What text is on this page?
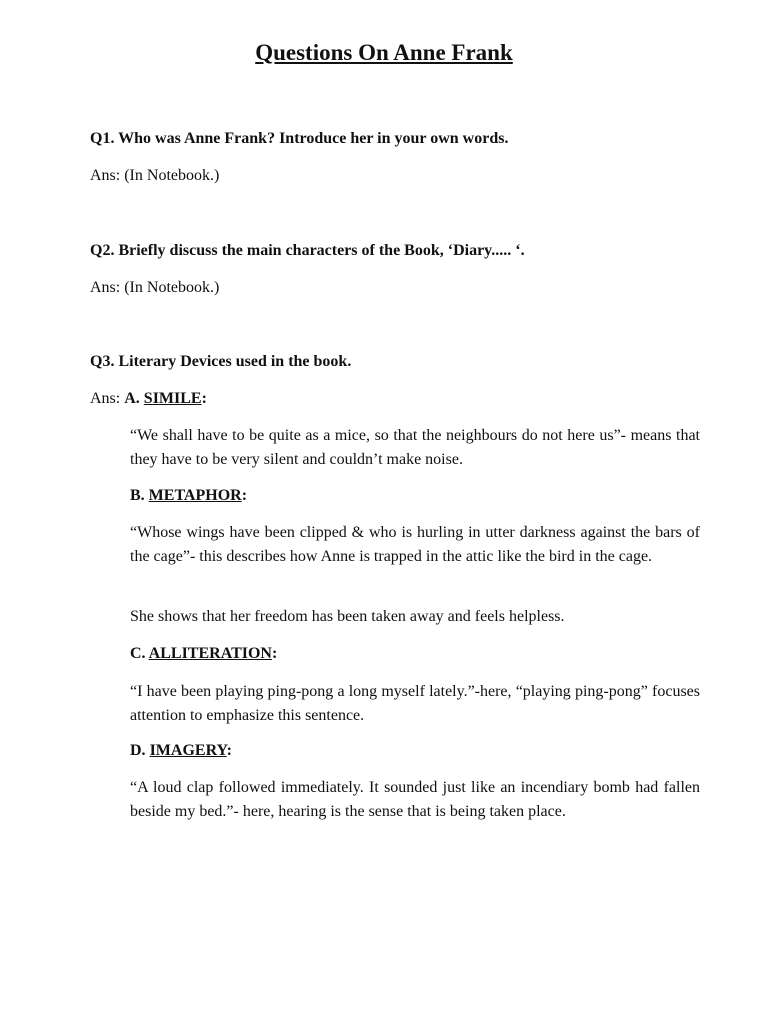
Questions On Anne Frank
Q1. Who was Anne Frank? Introduce her in your own words.
Ans: (In Notebook.)
Q2. Briefly discuss the main characters of the Book, ‘Diary..... ‘.
Ans: (In Notebook.)
Q3. Literary Devices used in the book.
Ans: A. SIMILE:
“We shall have to be quite as a mice, so that the neighbours do not here us”- means that they have to be very silent and couldn’t make noise.
B. METAPHOR:
“Whose wings have been clipped & who is hurling in utter darkness against the bars of the cage”- this describes how Anne is trapped in the attic like the bird in the cage.
She shows that her freedom has been taken away and feels helpless.
C. ALLITERATION:
“I have been playing ping-pong a long myself lately.”-here, “playing ping-pong” focuses attention to emphasize this sentence.
D. IMAGERY:
“A loud clap followed immediately. It sounded just like an incendiary bomb had fallen beside my bed.”- here, hearing is the sense that is being taken place.
